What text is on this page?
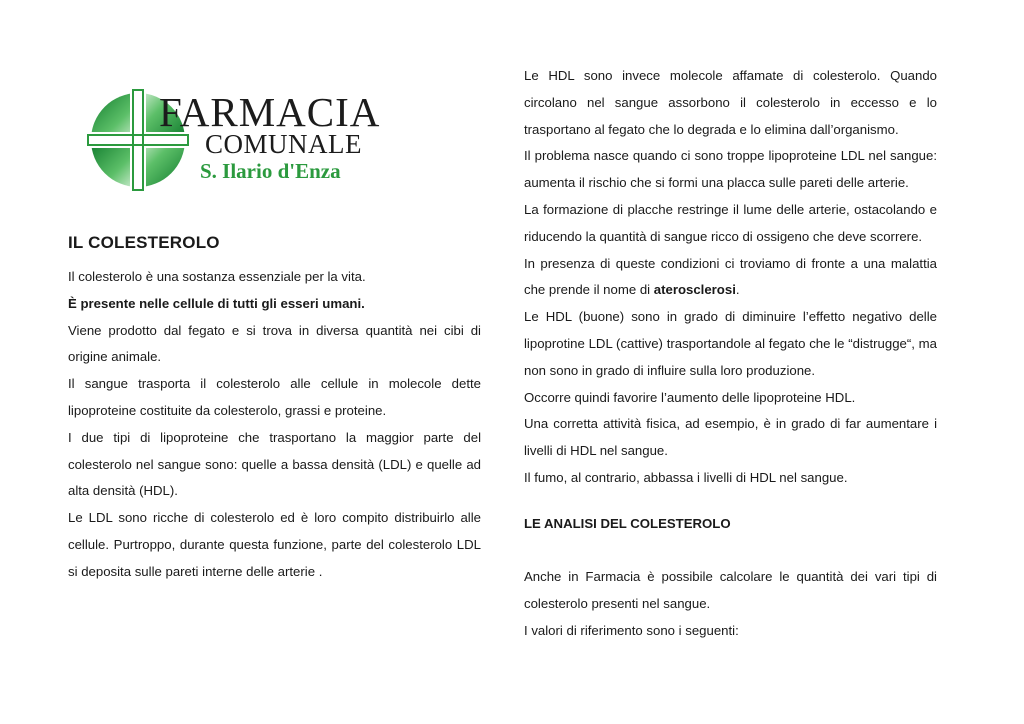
FARMACIA
COMUNALE
S. Ilario d'Enza
IL COLESTEROLO

Il colesterolo è una sostanza essenziale per la vita.

È presente nelle cellule di tutti gli esseri umani.

Viene prodotto dal fegato e si trova in diversa quantità nei cibi di origine animale.

Il sangue trasporta il colesterolo alle cellule in molecole dette lipoproteine costituite da colesterolo, grassi e proteine.

I due tipi di lipoproteine che trasportano la maggior parte del colesterolo nel sangue sono: quelle a bassa densità (LDL) e quelle ad alta densità (HDL).

Le LDL sono ricche di colesterolo ed è loro compito distribuirlo alle cellule. Purtroppo, durante questa funzione, parte del colesterolo LDL si deposita sulle pareti interne delle arterie .

Le HDL sono invece molecole affamate di colesterolo. Quando circolano nel sangue assorbono il colesterolo in eccesso e lo trasportano al fegato che lo degrada e lo elimina dall’organismo.

Il problema nasce quando ci sono troppe lipoproteine LDL nel sangue: aumenta il rischio che si formi una placca sulle pareti delle arterie.

La formazione di placche restringe il lume delle arterie, ostacolando e riducendo la quantità di sangue ricco di ossigeno che deve scorrere.

In presenza di queste condizioni ci troviamo di fronte a una malattia che prende il nome di aterosclerosi.

Le HDL (buone) sono in grado di diminuire l’effetto negativo delle lipoprotine LDL (cattive) trasportandole al fegato che le “distrugge“, ma non sono in grado di influire sulla loro produzione.

Occorre quindi favorire l’aumento delle lipoproteine HDL.

Una corretta attività fisica, ad esempio, è in grado di far aumentare i livelli di HDL nel sangue.

Il fumo, al contrario, abbassa i livelli di HDL nel sangue.

LE ANALISI DEL COLESTEROLO

Anche in Farmacia è possibile calcolare le quantità dei vari tipi di colesterolo presenti nel sangue.

I valori di riferimento sono i seguenti:
